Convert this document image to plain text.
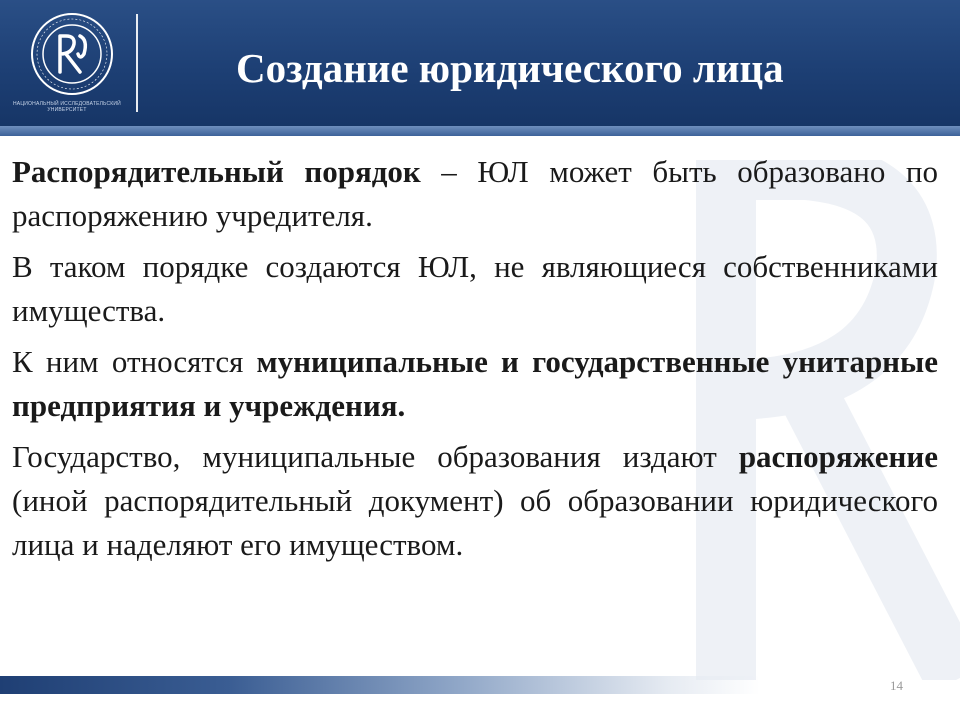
НАЦИОНАЛЬНЫЙ ИССЛЕДОВАТЕЛЬСКИЙ УНИВЕРСИТЕТ
Создание юридического лица

Распорядительный порядок – ЮЛ может быть образовано по распоряжению учредителя.

В таком порядке создаются ЮЛ, не являющиеся собственниками имущества.

К ним относятся муниципальные и государственные унитарные предприятия и учреждения.

Государство, муниципальные образования издают распоряжение (иной распорядительный документ) об образовании юридического лица и наделяют его имуществом.

14
